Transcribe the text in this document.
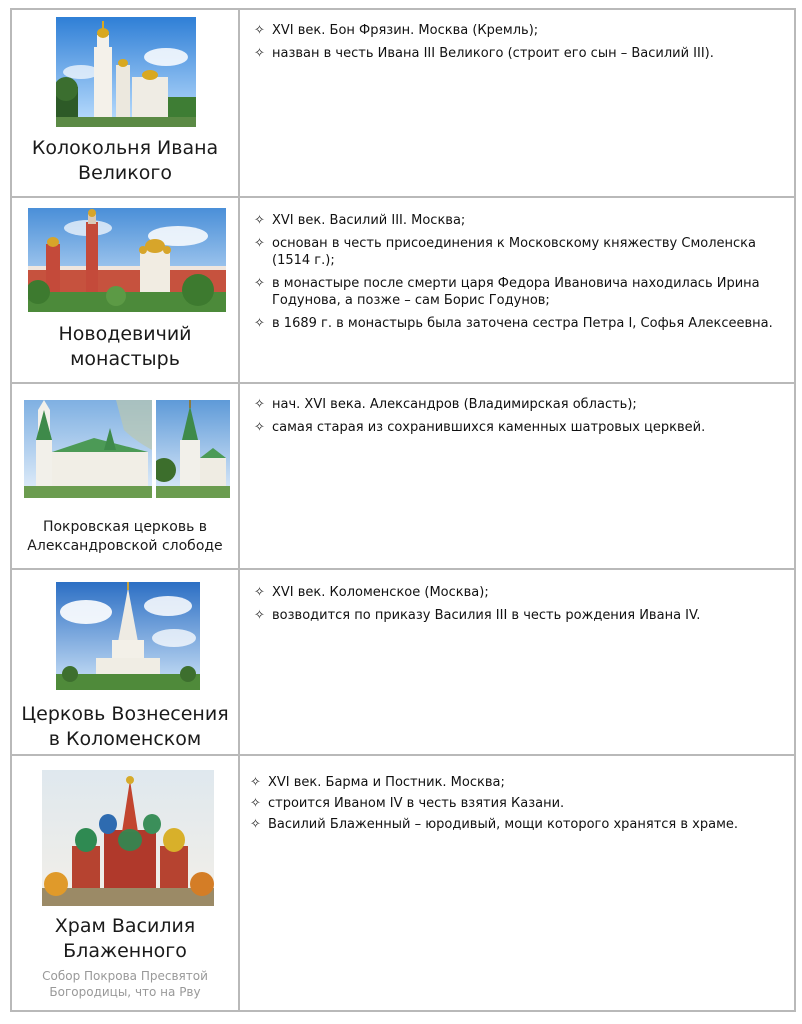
Колокольня Ивана
Великого
✧ XVI век. Бон Фрязин. Москва (Кремль);
✧ назван в честь Ивана III Великого (строит его сын – Василий III).
Новодевичий
монастырь
✧ XVI век. Василий III. Москва;
✧ основан в честь присоединения к Московскому княжеству Смоленска (1514 г.);
✧ в монастыре после смерти царя Федора Ивановича находилась Ирина Годунова, а позже – сам Борис Годунов;
✧ в 1689 г. в монастырь была заточена сестра Петра I, Софья Алексеевна.
Покровская церковь в
Александровской слободе
✧ нач. XVI века. Александров (Владимирская область);
✧ самая старая из сохранившихся каменных шатровых церквей.
Церковь Вознесения
в Коломенском
✧ XVI век. Коломенское (Москва);
✧ возводится по приказу Василия III в честь рождения Ивана IV.
Храм Василия
Блаженного
Собор Покрова Пресвятой
Богородицы, что на Рву
✧ XVI век. Барма и Постник. Москва;
✧ строится Иваном IV в честь взятия Казани.
✧ Василий Блаженный – юродивый, мощи которого хранятся в храме.
